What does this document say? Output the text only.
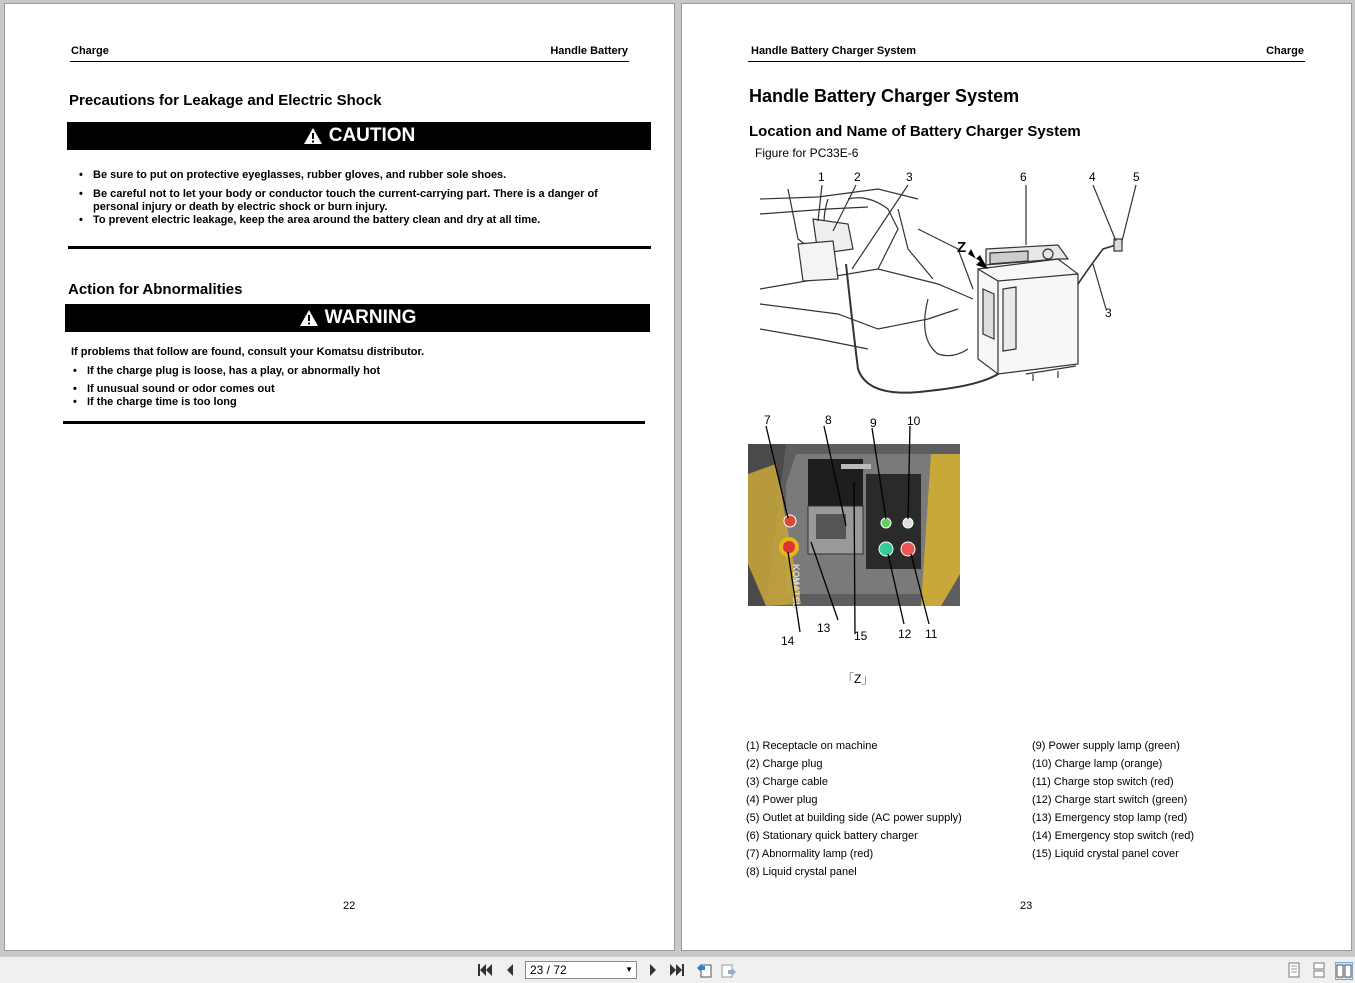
Charge	Handle Battery
Precautions for Leakage and Electric Shock
CAUTION
• Be sure to put on protective eyeglasses, rubber gloves, and rubber sole shoes.
• Be careful not to let your body or conductor touch the current-carrying part. There is a danger of personal injury or death by electric shock or burn injury.
• To prevent electric leakage, keep the area around the battery clean and dry at all time.
Action for Abnormalities
WARNING
If problems that follow are found, consult your Komatsu distributor.
• If the charge plug is loose, has a play, or abnormally hot
• If unusual sound or odor comes out
• If the charge time is too long
22
Handle Battery Charger System	Charge
Handle Battery Charger System
Location and Name of Battery Charger System
Figure for PC33E-6
1 2	3	6	4	5
3
Z
KOMATSU
7	8	9	10
14
13
15	12 11
「Z」
(1) Receptacle on machine
(2) Charge plug
(3) Charge cable
(4) Power plug
(5) Outlet at building side (AC power supply)
(6) Stationary quick battery charger
(7) Abnormality lamp (red)
(8) Liquid crystal panel
(9) Power supply lamp (green)
(10) Charge lamp (orange)
(11) Charge stop switch (red)
(12) Charge start switch (green)
(13) Emergency stop lamp (red)
(14) Emergency stop switch (red)
(15) Liquid crystal panel cover
23
23 / 72	▼
